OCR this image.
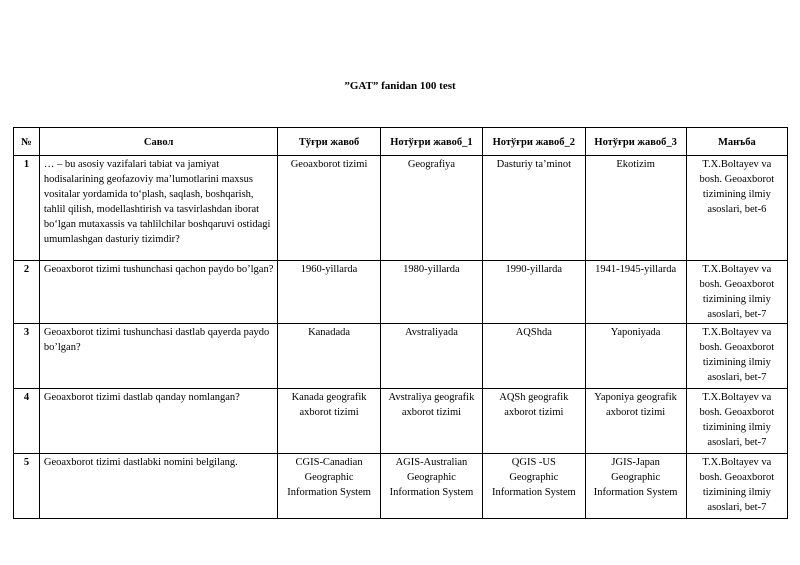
”GAT” fanidan 100 test
№	Савол	Тўғри жавоб	Нотўғри жавоб_1	Нотўғри жавоб_2	Нотўғри жавоб_3	Манъба
1	… – bu asosiy vazifalari tabiat va jamiyat hodisalarining geofazoviy ma’lumotlarini maxsus vositalar yordamida to‘plash, saqlash, boshqarish, tahlil qilish, modellashtirish va tasvirlashdan iborat bo‘lgan mutaxassis va tahlilchilar boshqaruvi ostidagi umumlashgan dasturiy tizimdir?	Geoaxborot tizimi	Geografiya	Dasturiy ta’minot	Ekotizim	T.X.Boltayev va bosh. Geoaxborot tizimining ilmiy asoslari, bet-6
2	Geoaxborot tizimi tushunchasi qachon paydo bo’lgan?	1960-yillarda	1980-yillarda	1990-yillarda	1941-1945-yillarda	T.X.Boltayev va bosh. Geoaxborot tizimining ilmiy asoslari, bet-7
3	Geoaxborot tizimi tushunchasi dastlab qayerda paydo bo’lgan?	Kanadada	Avstraliyada	AQShda	Yaponiyada	T.X.Boltayev va bosh. Geoaxborot tizimining ilmiy asoslari, bet-7
4	Geoaxborot tizimi dastlab qanday nomlangan?	Kanada geografik axborot tizimi	Avstraliya geografik axborot tizimi	AQSh geografik axborot tizimi	Yaponiya geografik axborot tizimi	T.X.Boltayev va bosh. Geoaxborot tizimining ilmiy asoslari, bet-7
5	Geoaxborot tizimi dastlabki nomini belgilang.	CGIS-Canadian Geographic Information System	AGIS-Australian Geographic Information System	QGIS -US Geographic Information System	JGIS-Japan Geographic Information System	T.X.Boltayev va bosh. Geoaxborot tizimining ilmiy asoslari, bet-7
